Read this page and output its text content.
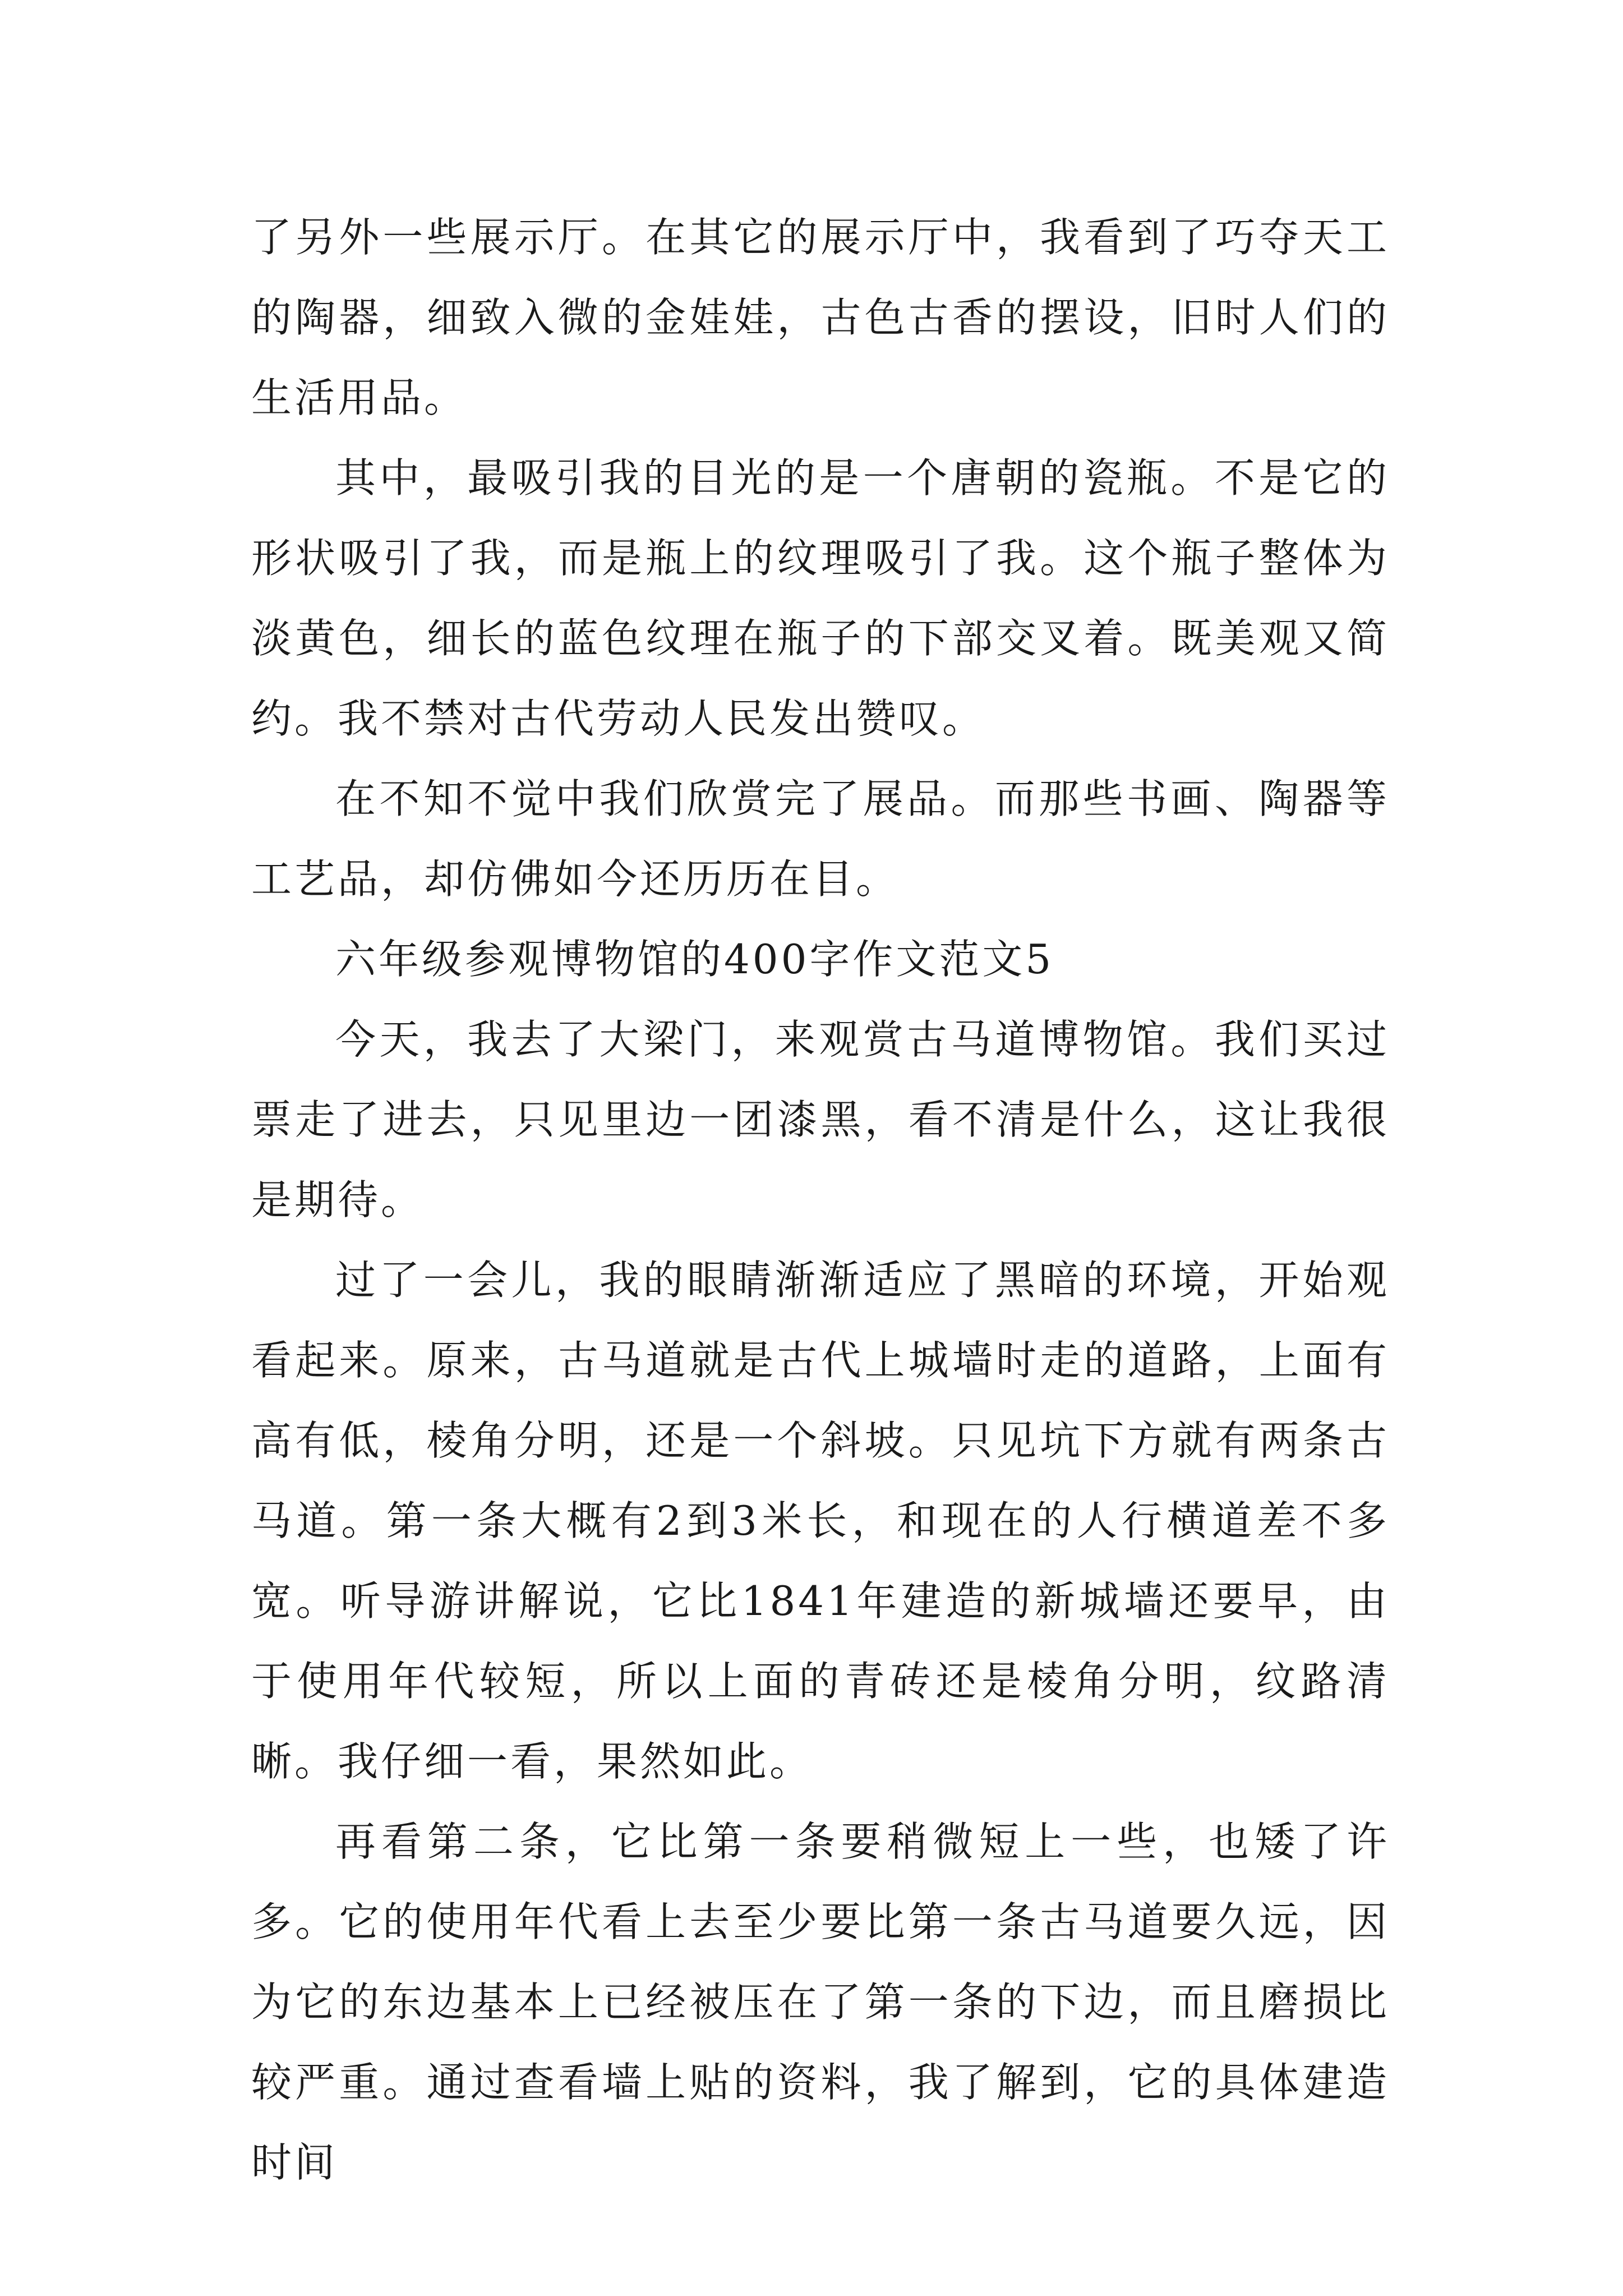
了另外一些展示厅。在其它的展示厅中，我看到了巧夺天工的陶器，细致入微的金娃娃，古色古香的摆设，旧时人们的生活用品。

其中，最吸引我的目光的是一个唐朝的瓷瓶。不是它的形状吸引了我，而是瓶上的纹理吸引了我。这个瓶子整体为淡黄色，细长的蓝色纹理在瓶子的下部交叉着。既美观又简约。我不禁对古代劳动人民发出赞叹。

在不知不觉中我们欣赏完了展品。而那些书画、陶器等工艺品，却仿佛如今还历历在目。

六年级参观博物馆的400字作文范文5

今天，我去了大梁门，来观赏古马道博物馆。我们买过票走了进去，只见里边一团漆黑，看不清是什么，这让我很是期待。

过了一会儿，我的眼睛渐渐适应了黑暗的环境，开始观看起来。原来，古马道就是古代上城墙时走的道路，上面有高有低，棱角分明，还是一个斜坡。只见坑下方就有两条古马道。第一条大概有2到3米长，和现在的人行横道差不多宽。听导游讲解说，它比1841年建造的新城墙还要早，由于使用年代较短，所以上面的青砖还是棱角分明，纹路清晰。我仔细一看，果然如此。

再看第二条，它比第一条要稍微短上一些，也矮了许多。它的使用年代看上去至少要比第一条古马道要久远，因为它的东边基本上已经被压在了第一条的下边，而且磨损比较严重。通过查看墙上贴的资料，我了解到，它的具体建造时间
